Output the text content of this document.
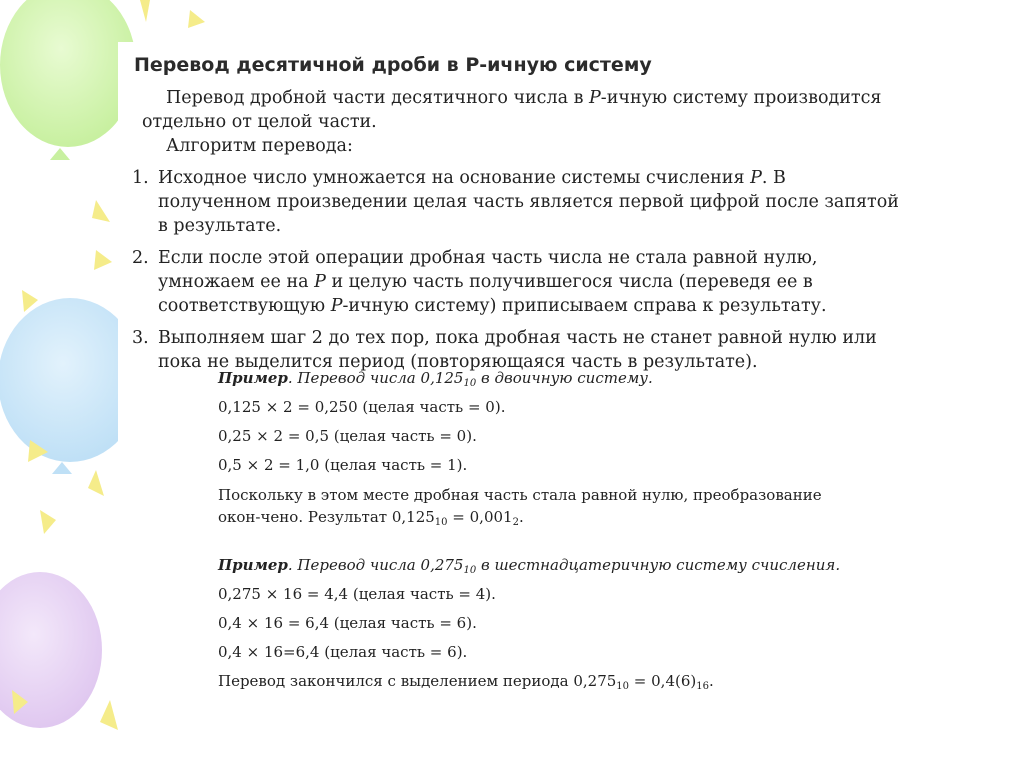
Перевод десятичной дроби в Р-ичную систему
Перевод дробной части десятичного числа в P-ичную систему производится отдельно от целой части.
Алгоритм перевода:
1. Исходное число умножается на основание системы счисления P. В полученном произведении целая часть является первой цифрой после запятой в результате.
2. Если после этой операции дробная часть числа не стала равной нулю, умножаем ее на P и целую часть получившегося числа (переведя ее в соответствующую P-ичную систему) приписываем справа к результату.
3. Выполняем шаг 2 до тех пор, пока дробная часть не станет равной нулю или пока не выделится период (повторяющаяся часть в результате).
Пример. Перевод числа $0,125_{10}$ в двоичную систему.
0,125 × 2 = 0,250 (целая часть = 0).
0,25 × 2 = 0,5 (целая часть = 0).
0,5 × 2 = 1,0 (целая часть = 1).
Поскольку в этом месте дробная часть стала равной нулю, преобразование окон-чено. Результат $0,125_{10} = 0,001_2$.
Пример. Перевод числа $0,275_{10}$ в шестнадцатеричную систему счисления.
0,275 × 16 = 4,4 (целая часть = 4).
0,4 × 16 = 6,4 (целая часть = 6).
0,4 × 16=6,4 (целая часть = 6).
Перевод закончился с выделением периода $0,275_{10} = 0,4(6)_{16}$.
